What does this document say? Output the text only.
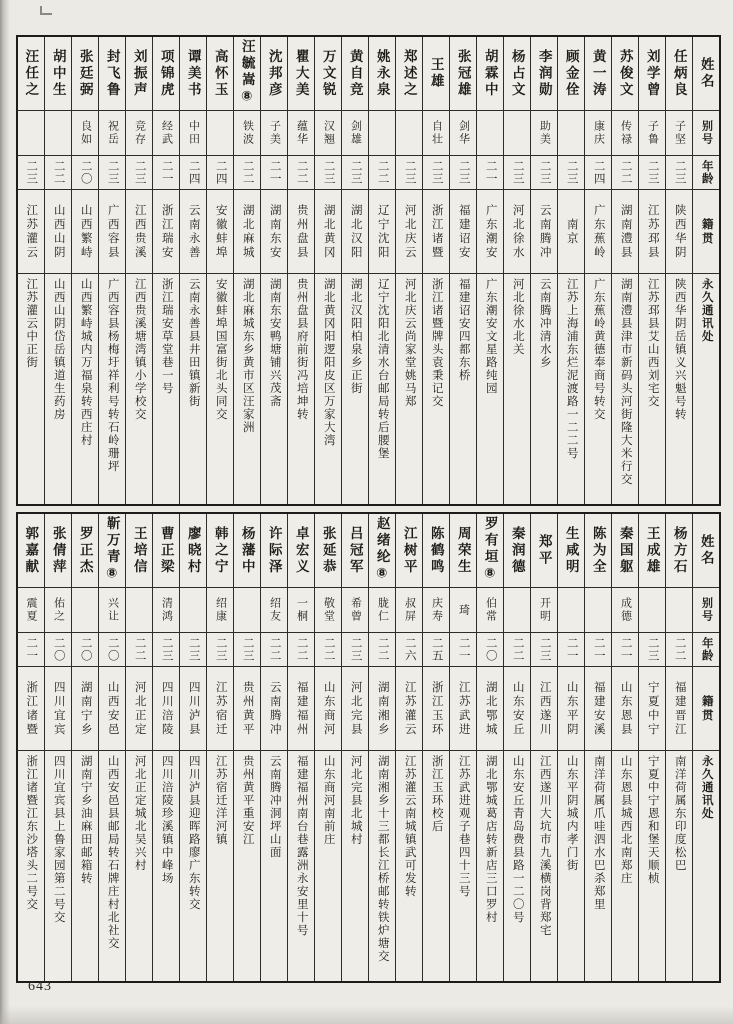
姓名
别号
年龄
籍贯
永久通讯处
任炳良
子坚
二三
陕西华阴
陕西华阴岳镇义兴魁号转
刘学曾
子鲁
二三
江苏邳县
江苏邳县艾山西刘宅交
苏俊文
传禄
二二
湖南澧县
湖南澧县津市新码头河街隆大米行交
黄一涛
康庆
二四
广东蕉岭
广东蕉岭黄德奉商号转交
顾金佺
二三
南京
江苏上海浦东烂泥渡路一二二号
李润勋
助美
二三
云南腾冲
云南腾冲清水乡
杨占文
二三
河北徐水
河北徐水北关
胡霖中
二一
广东潮安
广东潮安文星路纯园
张冠雄
剑华
二三
福建诏安
福建诏安四都东桥
王雄
自壮
二三
浙江诸暨
浙江诸暨牌头袁秉记交
郑述之
二三
河北庆云
河北庆云尚家堂姚马郑
姚永泉
二二
辽宁沈阳
辽宁沈阳北清水台邮局转后腰堡
黄自竞
剑雄
二三
湖北汉阳
湖北汉阳柏泉乡正街
万文锐
汉翘
二三
湖北黄冈
湖北黄冈阳逻阳皮区万家大湾
瞿大美
蕴华
二二
贵州盘县
贵州盘县府前街冯培坤转
沈邦彦
子美
二一
湖南东安
湖南东安鸭塘铺兴茂斋
汪毓嵩⑧
铁波
二二
湖北麻城
湖北麻城东乡黄市区汪家洲
高怀玉
二四
安徽蚌埠
安徽蚌埠国富街北头同交
谭美书
中田
二四
云南永善
云南永善县井田镇新街
项锦虎
经武
二一
浙江瑞安
浙江瑞安草堂巷一号
刘振声
竞存
二三
江西贵溪
江西贵溪塘湾镇小学校交
封飞鲁
祝岳
二三
广西容县
广西容县杨梅圩祥利号转石岭珊坪
张廷弼
良如
二〇
山西繁峙
山西繁峙城内万福泉转西庄村
胡中生
二二
山西山阴
山西山阴岱岳镇道生药房
汪任之
二三
江苏灌云
江苏灌云中正街
姓名
别号
年龄
籍贯
永久通讯处
杨方石
二二
福建晋江
南洋荷属东印度松巴
王成雄
二三
宁夏中宁
宁夏中宁恩和堡天顺桢
秦国躯
成德
二一
山东恩县
山东恩县城西北南郑庄
陈为全
二一
福建安溪
南洋荷属爪哇泗水巴杀郑里
生咸明
二一
山东平阴
山东平阴城内孝门街
郑平
开明
二三
江西遂川
江西遂川大坑市九溪横岗背郑宅
秦润德
二二
山东安丘
山东安丘青岛费县路一二〇号
罗有垣⑧
伯常
二〇
湖北鄂城
湖北鄂城葛店转新店三口罗村
周荣生
琦
二一
江苏武进
江苏武进观子巷四十三号
陈鹤鸣
庆寿
二五
浙江玉环
浙江玉环校后
江树平
叔屏
二六
江苏灌云
江苏灌云南城镇武可发转
赵绪纶⑧
胧仁
二二
湖南湘乡
湖南湘乡十三都长江桥邮转铁炉塘交
吕冠军
希曾
二三
河北完县
河北完县北城村
张延恭
敬堂
二二
山东商河
山东商河南前庄
卓宏义
一桐
二二
福建福州
福建福州南台巷露洲永安里十号
许际泽
绍友
二二
云南腾冲
云南腾冲洞坪山面
杨藩中
二三
贵州黄平
贵州黄平重安江
韩之宁
绍康
二三
江苏宿迁
江苏宿迁洋河镇
廖晓村
二三
四川泸县
四川泸县迎晖路廖广东转交
曹正梁
清鸿
二三
四川涪陵
四川涪陵珍溪镇中峰场
王培信
二二
河北正定
河北正定城北吴兴村
靳万青⑧
兴让
二〇
山西安邑
山西安邑县邮局转石牌庄村北社交
罗正杰
二〇
湖南宁乡
湖南宁乡油麻田邮箱转
张倩萍
佑之
二〇
四川宜宾
四川宜宾县上鲁家园第二号交
郭嘉献
震夏
二一
浙江诸暨
浙江诸暨江东沙塔头二号交
643
